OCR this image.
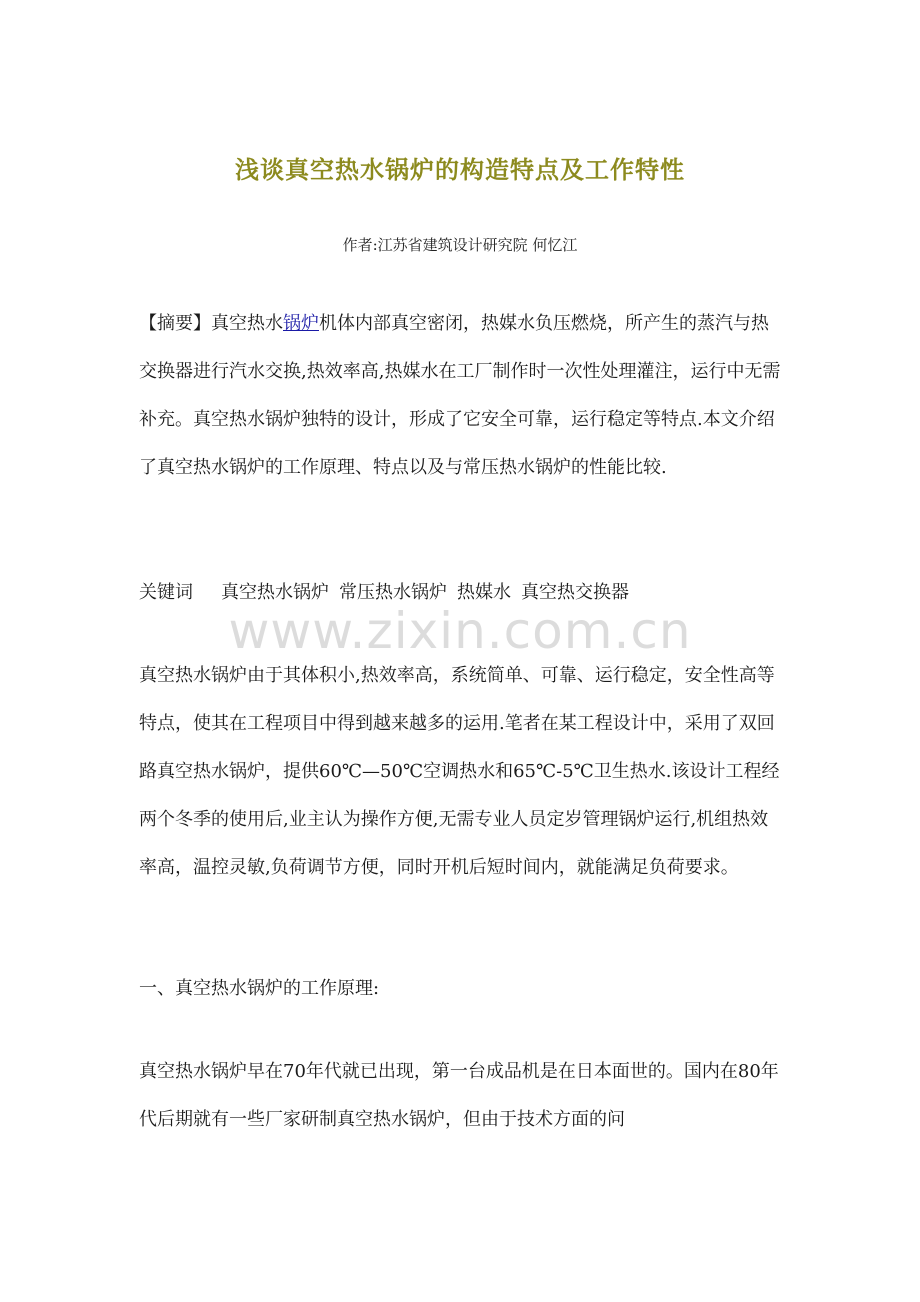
浅谈真空热水锅炉的构造特点及工作特性
作者:江苏省建筑设计研究院 何忆江
【摘要】真空热水锅炉机体内部真空密闭，热媒水负压燃烧，所产生的蒸汽与热交换器进行汽水交换,热效率高,热媒水在工厂制作时一次性处理灌注，运行中无需补充。真空热水锅炉独特的设计，形成了它安全可靠，运行稳定等特点.本文介绍了真空热水锅炉的工作原理、特点以及与常压热水锅炉的性能比较.
关键词 真空热水锅炉 常压热水锅炉 热媒水 真空热交换器
www.zixin.com.cn
真空热水锅炉由于其体积小,热效率高，系统简单、可靠、运行稳定，安全性高等特点，使其在工程项目中得到越来越多的运用.笔者在某工程设计中，采用了双回路真空热水锅炉，提供60℃—50℃空调热水和65℃-5℃卫生热水.该设计工程经两个冬季的使用后,业主认为操作方便,无需专业人员定岁管理锅炉运行,机组热效率高，温控灵敏,负荷调节方便，同时开机后短时间内，就能满足负荷要求。
一、真空热水锅炉的工作原理:
真空热水锅炉早在70年代就已出现，第一台成品机是在日本面世的。国内在80年代后期就有一些厂家研制真空热水锅炉，但由于技术方面的问
